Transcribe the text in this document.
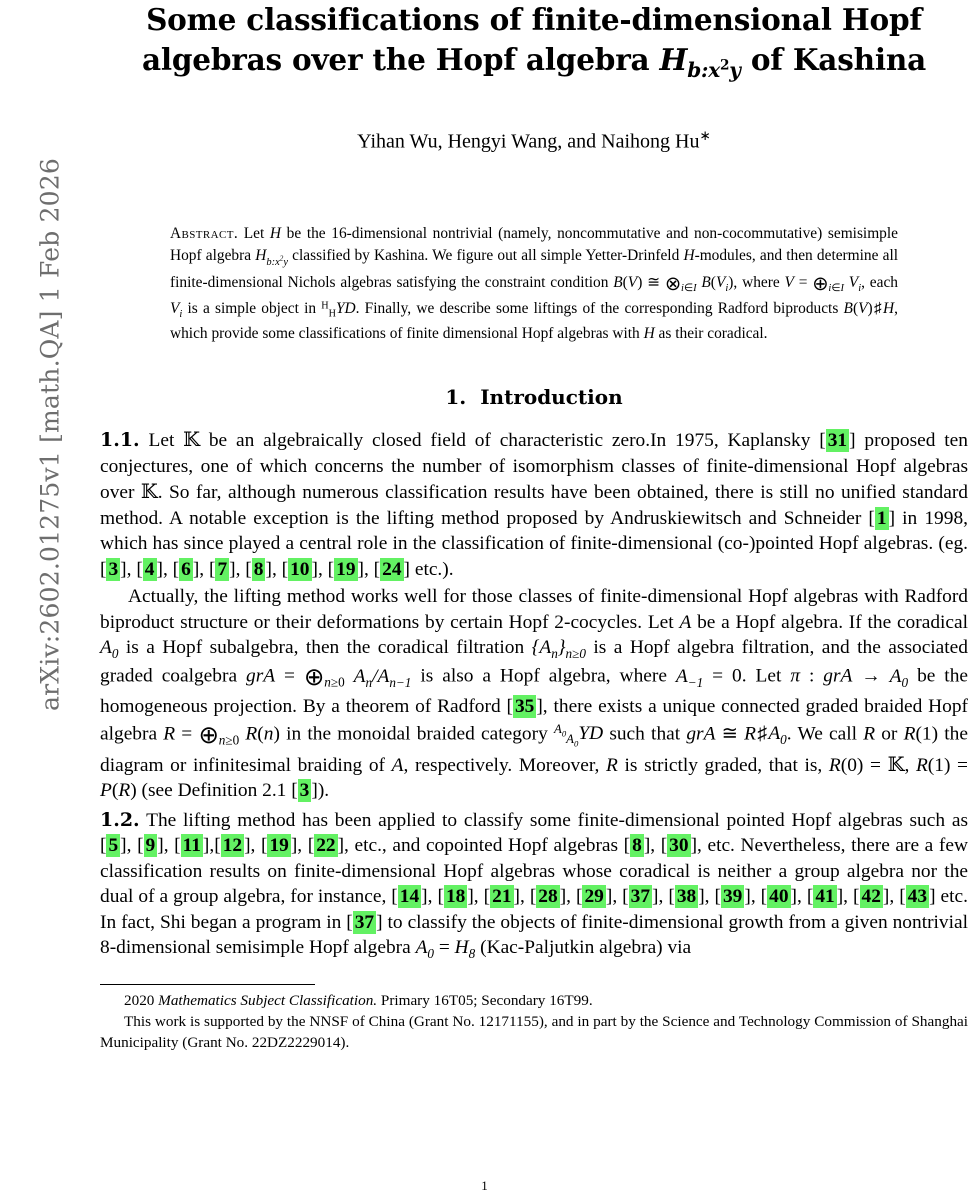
arXiv:2602.01275v1 [math.QA] 1 Feb 2026
Some classifications of finite-dimensional Hopf
algebras over the Hopf algebra $H_{b:x^2y}$ of Kashina
Yihan Wu, Hengyi Wang, and Naihong Hu∗
Abstract. Let H be the 16-dimensional nontrivial (namely, noncommutative and non-cocommutative) semisimple Hopf algebra $H_{b:x^2y}$ classified by Kashina. We figure out all simple Yetter-Drinfeld H-modules, and then determine all finite-dimensional Nichols algebras satisfying the constraint condition B(V) ≅ $\otimes_{i\in I}$ $B(V_i)$, where $V = \oplus_{i\in I}$ $V_i$, each $V_i$ is a simple object in $^H_H$YD. Finally, we describe some liftings of the corresponding Radford biproducts B(V)♯H, which provide some classifications of finite dimensional Hopf algebras with H as their coradical.
1. Introduction

1.1. Let 𝕂 be an algebraically closed field of characteristic zero.In 1975, Kaplansky [ 31 ] proposed ten conjectures, one of which concerns the number of isomorphism classes of finite-dimensional Hopf algebras over 𝕂. So far, although numerous classification results have been obtained, there is still no unified standard method. A notable exception is the lifting method proposed by Andruskiewitsch and Schneider [ 1 ] in 1998, which has since played a central role in the classification of finite-dimensional (co-)pointed Hopf algebras. (eg. [ 3 ], [ 4 ], [ 6 ], [ 7 ], [ 8 ], [ 10 ], [ 19 ], [ 24 ] etc.).

Actually, the lifting method works well for those classes of finite-dimensional Hopf algebras with Radford biproduct structure or their deformations by certain Hopf 2-cocycles. Let A be a Hopf algebra. If the coradical $A_0$ is a Hopf subalgebra, then the coradical filtration $\{A_n\}_{n\ge 0}$ is a Hopf algebra filtration, and the associated graded coalgebra grA = $\oplus_{n\ge 0}$ $A_n/A_{n-1}$ is also a Hopf algebra, where $A_{-1} = 0$. Let π : grA → $A_0$ be the homogeneous projection. By a theorem of Radford [ 35 ], there exists a unique connected graded braided Hopf algebra $R = \oplus_{n\ge 0}$ R(n) in the monoidal braided category $^{A_0}_{A_0}$YD such that grA ≅ $R♯A_0$. We call R or R(1) the diagram or infinitesimal braiding of A, respectively. Moreover, R is strictly graded, that is, R(0) = 𝕂, R(1) = P(R) (see Definition 2.1 [ 3 ]).

1.2. The lifting method has been applied to classify some finite-dimensional pointed Hopf algebras such as [ 5 ], [ 9 ], [ 11 ],[ 12 ], [ 19 ], [ 22 ], etc., and copointed Hopf algebras [ 8 ], [ 30 ], etc. Nevertheless, there are a few classification results on finite-dimensional Hopf algebras whose coradical is neither a group algebra nor the dual of a group algebra, for instance, [ 14 ], [ 18 ], [ 21 ], [ 28 ], [ 29 ], [ 37 ], [ 38 ], [ 39 ], [ 40 ], [ 41 ], [ 42 ], [ 43 ] etc. In fact, Shi began a program in [ 37 ] to classify the objects of finite-dimensional growth from a given nontrivial 8-dimensional semisimple Hopf algebra $A_0 = H_8$ (Kac-Paljutkin algebra) via

2020 Mathematics Subject Classification. Primary 16T05; Secondary 16T99.

This work is supported by the NNSF of China (Grant No. 12171155), and in part by the Science and Technology Commission of Shanghai Municipality (Grant No. 22DZ2229014).

1
